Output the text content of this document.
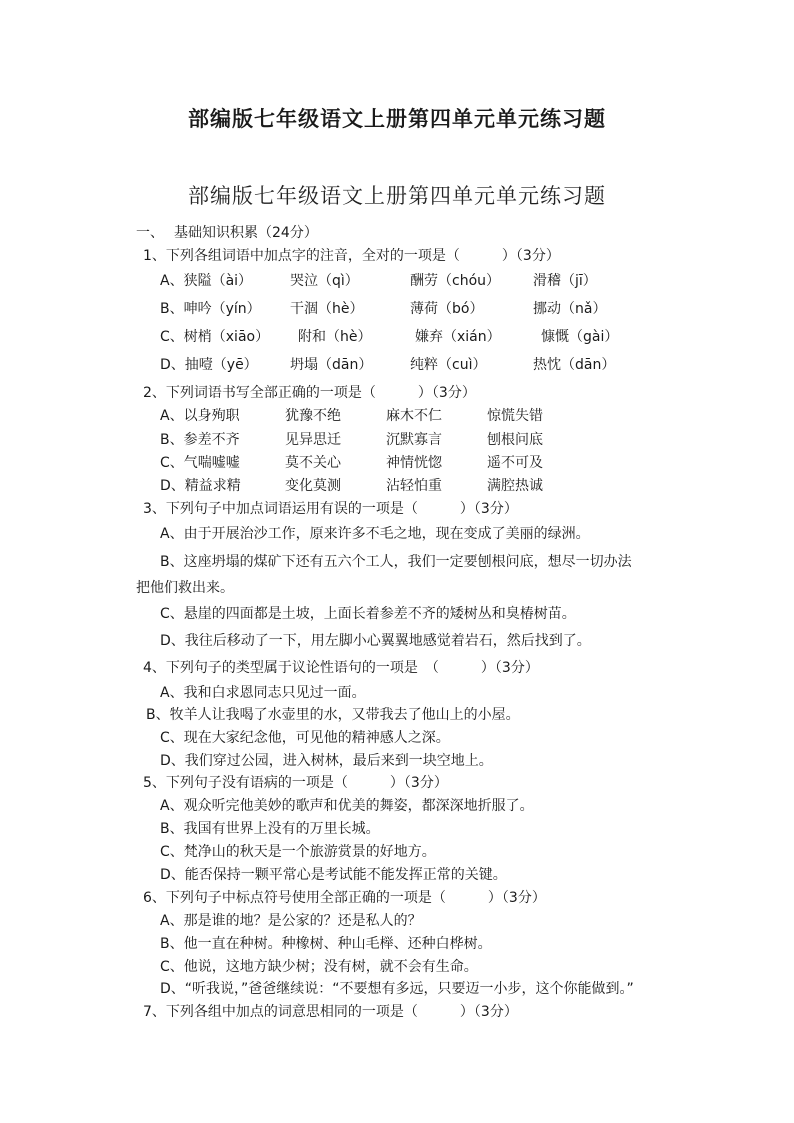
部编版七年级语文上册第四单元单元练习题
部编版七年级语文上册第四单元单元练习题
一、 基础知识积累（24分）
1、下列各组词语中加点字的注音，全对的一项是（　　　）（3分）
A、狭隘（ài）	哭泣（qì）	酬劳（chóu） 滑稽（jī）
B、呻吟（yín） 干涸（hè）	薄荷（bó）	挪动（nǎ）
C、树梢（xiāo） 附和（hè）	嫌弃（xián）	慷慨（gài）
D、抽噎（yē） 坍塌（dān）	纯粹（cuì）	热忱（dān）
2、下列词语书写全部正确的一项是（　　　）（3分）
A、以身殉职	犹豫不绝	麻木不仁	惊慌失错
B、参差不齐	见异思迁	沉默寡言	刨根问底
C、气喘嘘嘘	莫不关心	神情恍惚	遥不可及
D、精益求精	变化莫测	沾轻怕重	满腔热诚
3、下列句子中加点词语运用有误的一项是（　　　）（3分）
A、由于开展治沙工作，原来许多不毛之地，现在变成了美丽的绿洲。
B、这座坍塌的煤矿下还有五六个工人，我们一定要刨根问底，想尽一切办法
把他们救出来。
C、悬崖的四面都是土坡，上面长着参差不齐的矮树丛和臭椿树苗。
D、我往后移动了一下，用左脚小心翼翼地感觉着岩石，然后找到了。
4、下列句子的类型属于议论性语句的一项是　（　　　）（3分）
A、我和白求恩同志只见过一面。
B、牧羊人让我喝了水壶里的水，又带我去了他山上的小屋。
C、现在大家纪念他，可见他的精神感人之深。
D、我们穿过公园，进入树林，最后来到一块空地上。
5、下列句子没有语病的一项是（　　　）（3分）
A、观众听完他美妙的歌声和优美的舞姿，都深深地折服了。
B、我国有世界上没有的万里长城。
C、梵净山的秋天是一个旅游赏景的好地方。
D、能否保持一颗平常心是考试能不能发挥正常的关键。
6、下列句子中标点符号使用全部正确的一项是（　　　）（3分）
A、那是谁的地？是公家的？还是私人的？
B、他一直在种树。种橡树、种山毛榉、还种白桦树。
C、他说，这地方缺少树；没有树，就不会有生命。
D、“听我说，”爸爸继续说：“不要想有多远，只要迈一小步，这个你能做到。”
7、下列各组中加点的词意思相同的一项是（　　　）（3分）
